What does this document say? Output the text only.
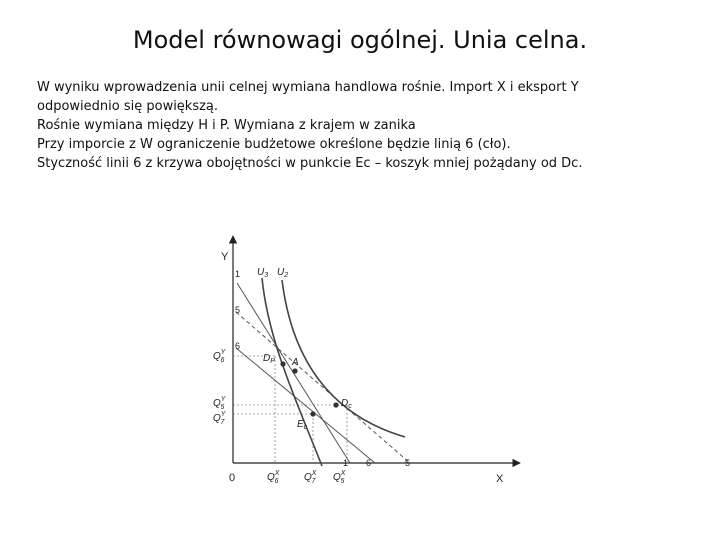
Model równowagi ogólnej. Unia celna.

W wyniku wprowadzenia unii celnej wymiana handlowa rośnie. Import X i eksport Y

odpowiednio się powiększą.

Rośnie wymiana między H i P. Wymiana z krajem w zanika

Przy imporcie z W ograniczenie budżetowe określone będzie linią 6 (cło).

Styczność linii 6 z krzywa obojętności w punkcie Ec – koszyk mniej pożądany od Dc.

Y
X
0
$U_3$ $U_2$
1
5
6
1 6	5
$D_P$ A
$D_c$
$E_c$
$Q^Y$ 6
$Q^Y$ 5
$Q^Y$ 7
$Q^X$ 6	$Q^X$ 7 $Q^X$ 5
